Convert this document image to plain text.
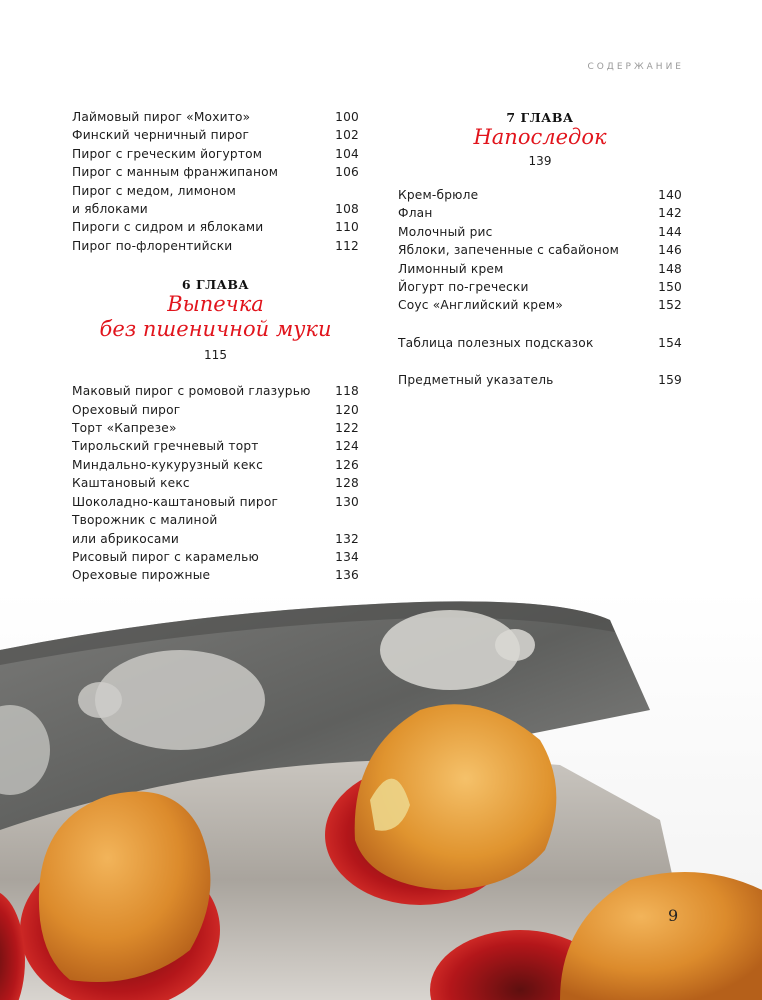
СОДЕРЖАНИЕ
Лаймовый пирог «Мохито»	100
Финский черничный пирог	102
Пирог с греческим йогуртом	104
Пирог с манным франжипаном	106
Пирог с медом, лимоном
и яблоками	108
Пироги с сидром и яблоками	110
Пирог по-флорентийски	112
6 ГЛАВА
Выпечка
без пшеничной муки
115
Маковый пирог с ромовой глазурью	118
Ореховый пирог	120
Торт «Капрезе»	122
Тирольский гречневый торт	124
Миндально-кукурузный кекс	126
Каштановый кекс	128
Шоколадно-каштановый пирог	130
Творожник с малиной
или абрикосами	132
Рисовый пирог с карамелью	134
Ореховые пирожные	136
7 ГЛАВА
Напоследок
139
Крем-брюле	140
Флан	142
Молочный рис	144
Яблоки, запеченные с сабайоном	146
Лимонный крем	148
Йогурт по-гречески	150
Соус «Английский крем»	152
Таблица полезных подсказок	154
Предметный указатель	159
9
